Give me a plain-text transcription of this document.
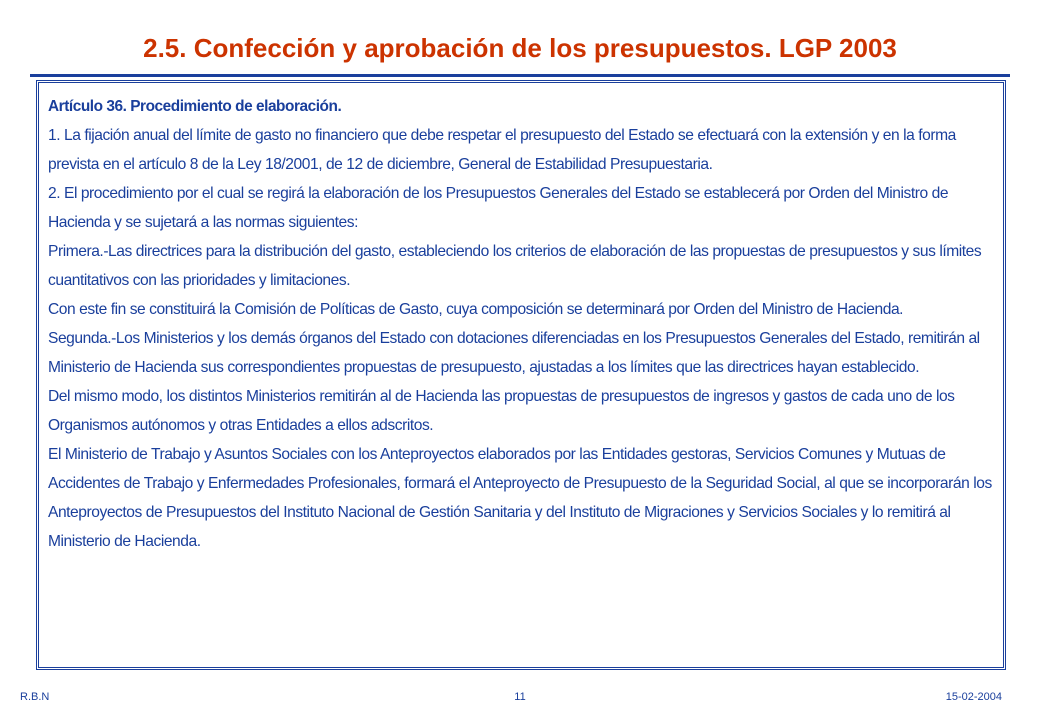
2.5. Confección y aprobación de los presupuestos. LGP 2003

Artículo 36. Procedimiento de elaboración.

1. La fijación anual del límite de gasto no financiero que debe respetar el presupuesto del Estado se efectuará con la extensión y en la forma prevista en el artículo 8 de la Ley 18/2001, de 12 de diciembre, General de Estabilidad Presupuestaria.

2. El procedimiento por el cual se regirá la elaboración de los Presupuestos Generales del Estado se establecerá por Orden del Ministro de Hacienda y se sujetará a las normas siguientes:

Primera.-Las directrices para la distribución del gasto, estableciendo los criterios de elaboración de las propuestas de presupuestos y sus límites cuantitativos con las prioridades y limitaciones.

Con este fin se constituirá la Comisión de Políticas de Gasto, cuya composición se determinará por Orden del Ministro de Hacienda.

Segunda.-Los Ministerios y los demás órganos del Estado con dotaciones diferenciadas en los Presupuestos Generales del Estado, remitirán al Ministerio de Hacienda sus correspondientes propuestas de presupuesto, ajustadas a los límites que las directrices hayan establecido.

Del mismo modo, los distintos Ministerios remitirán al de Hacienda las propuestas de presupuestos de ingresos y gastos de cada uno de los Organismos autónomos y otras Entidades a ellos adscritos.

El Ministerio de Trabajo y Asuntos Sociales con los Anteproyectos elaborados por las Entidades gestoras, Servicios Comunes y Mutuas de Accidentes de Trabajo y Enfermedades Profesionales, formará el Anteproyecto de Presupuesto de la Seguridad Social, al que se incorporarán los Anteproyectos de Presupuestos del Instituto Nacional de Gestión Sanitaria y del Instituto de Migraciones y Servicios Sociales y lo remitirá al Ministerio de Hacienda.

R.B.N	11	15-02-2004
